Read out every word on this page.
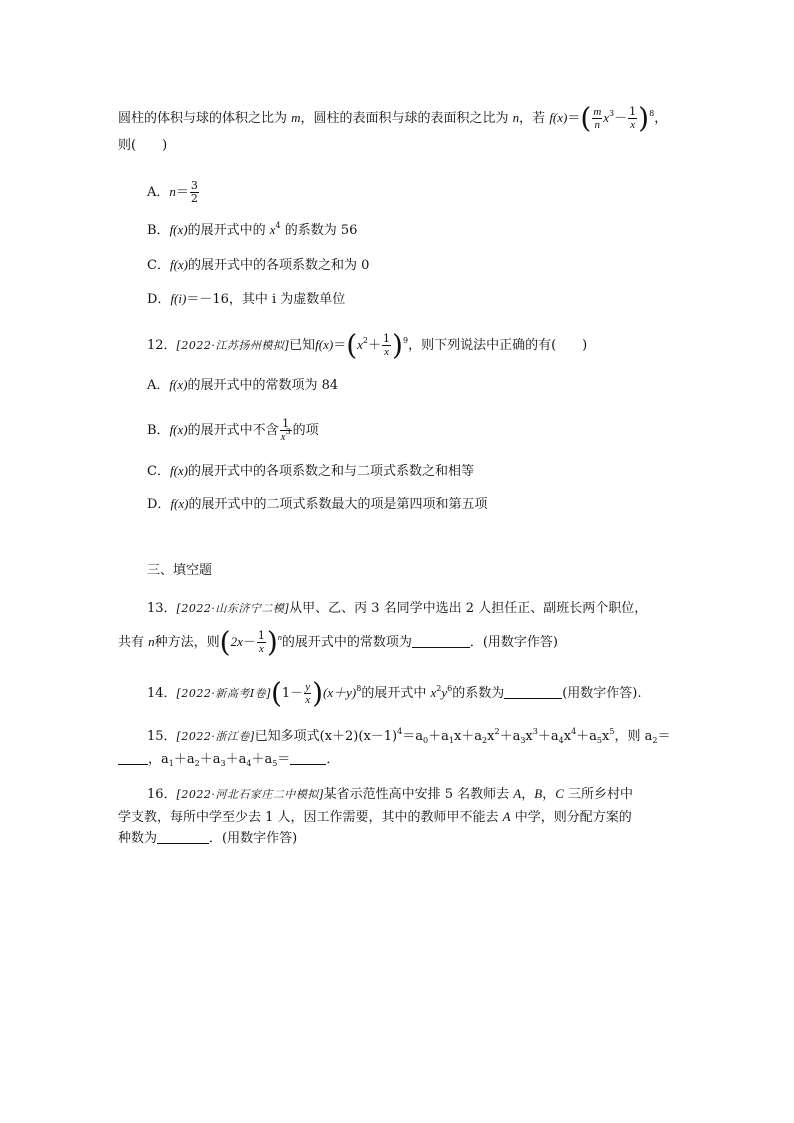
圆柱的体积与球的体积之比为 m，圆柱的表面积与球的表面积之比为 n，若 $f(x)=( \frac{m}{n} x^3- \frac{1}{x} )^8$，
则(　　)
A．$n= \frac{3}{2}$
B．f(x)的展开式中的 $x^4$ 的系数为 56
C．f(x)的展开式中的各项系数之和为 0
D．f(i)＝－16，其中 i 为虚数单位
12．[2022·江苏扬州模拟]已知$f(x)=(x^2+ \frac{1}{x} )^9$，则下列说法中正确的有(　　)
A．f(x)的展开式中的常数项为 84
B．f(x)的展开式中不含 $\frac{1}{x^3}$ 的项
C．f(x)的展开式中的各项系数之和与二项式系数之和相等
D．f(x)的展开式中的二项式系数最大的项是第四项和第五项
三、填空题
13．[2022·山东济宁二模]从甲、乙、丙 3 名同学中选出 2 人担任正、副班长两个职位，
共有 n种方法，则$(2x- \frac{1}{x} )^n$的展开式中的常数项为	．(用数字作答)
14．[2022·新高考Ⅰ卷]$(1- \frac{y}{x} )(x+y)^8$的展开式中 $x^2y^6$的系数为	(用数字作答).
15．[2022·浙江卷]已知多项式$(x+2)(x-1)^4=a_0+a_1x+a_2x^2+a_3x^3+a_4x^4+a_5x^5$，则 $a_2=$
，$a_1+a_2+a_3+a_4+a_5=$	．
16．[2022·河北石家庄二中模拟]某省示范性高中安排 5 名教师去 A，B，C 三所乡村中
学支教，每所中学至少去 1 人，因工作需要，其中的教师甲不能去 A 中学，则分配方案的
种数为	．(用数字作答)
